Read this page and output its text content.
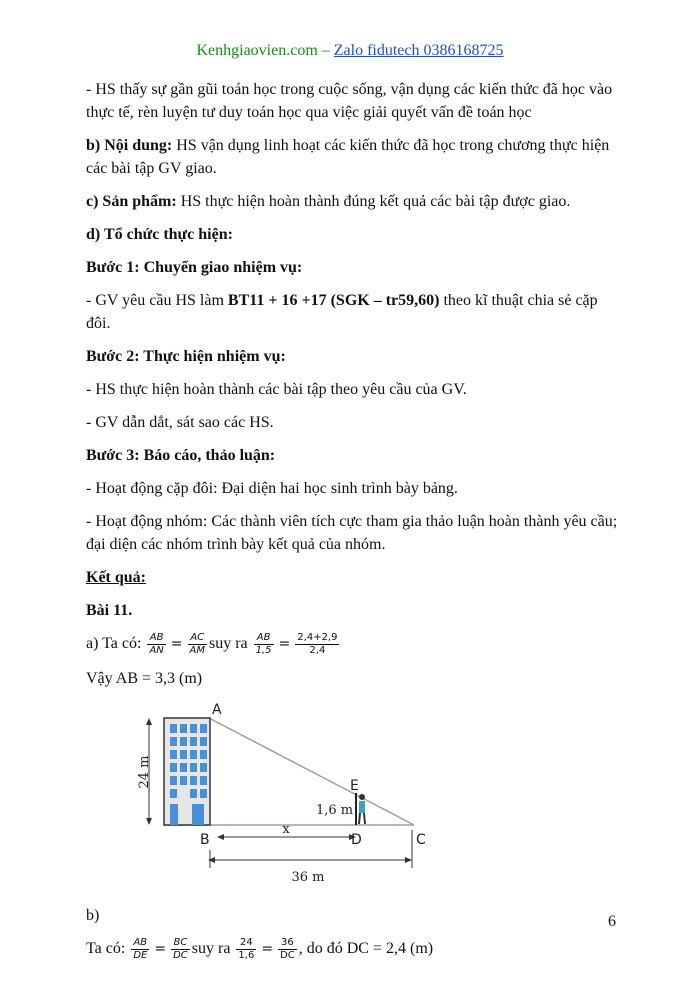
Kenhgiaovien.com – Zalo fidutech 0386168725

- HS thấy sự gần gũi toán học trong cuộc sống, vận dụng các kiến thức đã học vào thực tế, rèn luyện tư duy toán học qua việc giải quyết vấn đề toán học

b) Nội dung: HS vận dụng linh hoạt các kiến thức đã học trong chương thực hiện các bài tập GV giao.

c) Sản phẩm: HS thực hiện hoàn thành đúng kết quả các bài tập được giao.

d) Tổ chức thực hiện:

Bước 1: Chuyển giao nhiệm vụ:

- GV yêu cầu HS làm BT11 + 16 +17 (SGK – tr59,60) theo kĩ thuật chia sẻ cặp đôi.

Bước 2: Thực hiện nhiệm vụ:

- HS thực hiện hoàn thành các bài tập theo yêu cầu của GV.

- GV dẫn dắt, sát sao các HS.

Bước 3: Báo cáo, thảo luận:

- Hoạt động cặp đôi: Đại diện hai học sinh trình bày bảng.

- Hoạt động nhóm: Các thành viên tích cực tham gia thảo luận hoàn thành yêu cầu; đại diện các nhóm trình bày kết quả của nhóm.

Kết quả:

Bài 11.

a) Ta có: $\frac{AB}{AN} = \frac{AC}{AM}$ suy ra $\frac{AB}{1,5} = \frac{2,4+2,9}{2,4}$

Vậy AB = 3,3 (m)

24 m
x
36 m
A
B	C
D
E
1,6 m

b)

Ta có: $\frac{AB}{DE} = \frac{BC}{DC}$ suy ra $\frac{24}{1,6} = \frac{36}{DC}$ , do đó DC = 2,4 (m)

6
